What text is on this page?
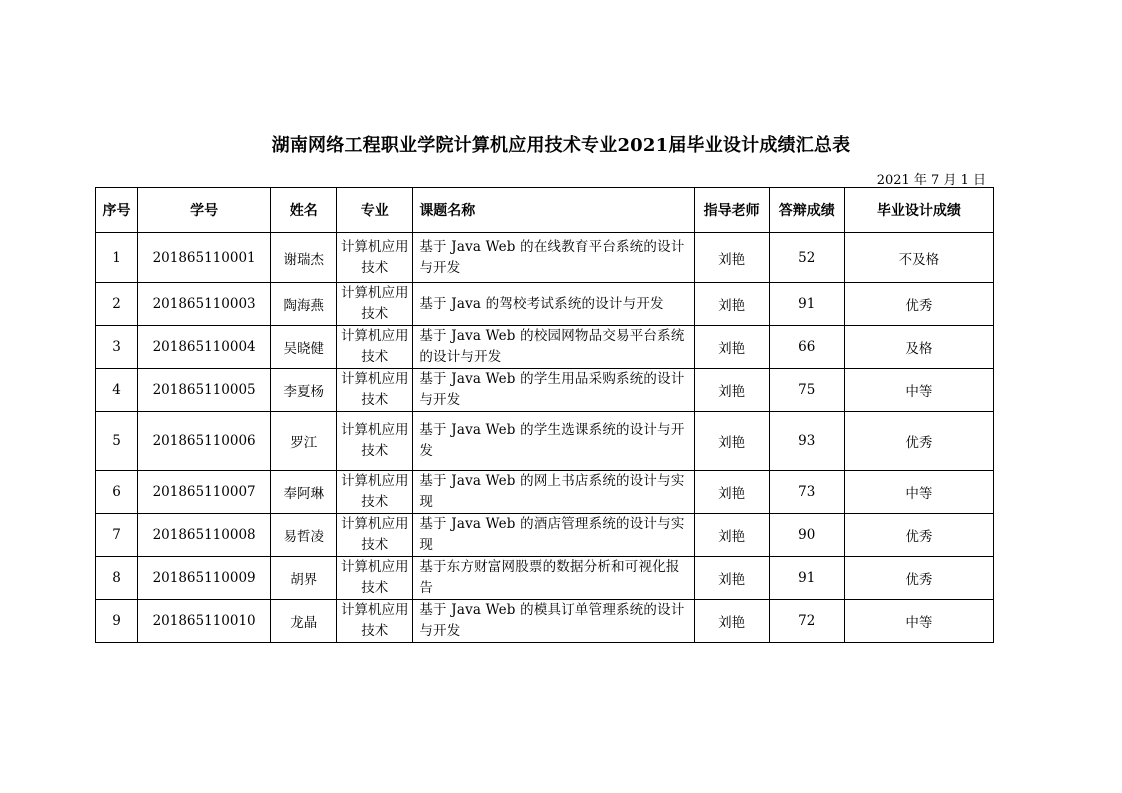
湖南网络工程职业学院计算机应用技术专业2021届毕业设计成绩汇总表
2021 年 7 月 1 日
序号	学号	姓名	专业	课题名称	指导老师	答辩成绩	毕业设计成绩
1	201865110001	谢瑞杰	计算机应用技术	基于 Java Web 的在线教育平台系统的设计与开发	刘艳	52	不及格
2	201865110003	陶海燕	计算机应用技术	基于 Java 的驾校考试系统的设计与开发	刘艳	91	优秀
3	201865110004	吴晓健	计算机应用技术	基于 Java Web 的校园网物品交易平台系统的设计与开发	刘艳	66	及格
4	201865110005	李夏杨	计算机应用技术	基于 Java Web 的学生用品采购系统的设计与开发	刘艳	75	中等
5	201865110006	罗江	计算机应用技术	基于 Java Web 的学生选课系统的设计与开发	刘艳	93	优秀
6	201865110007	奉阿琳	计算机应用技术	基于 Java Web 的网上书店系统的设计与实现	刘艳	73	中等
7	201865110008	易哲凌	计算机应用技术	基于 Java Web 的酒店管理系统的设计与实现	刘艳	90	优秀
8	201865110009	胡界	计算机应用技术	基于东方财富网股票的数据分析和可视化报告	刘艳	91	优秀
9	201865110010	龙晶	计算机应用技术	基于 Java Web 的模具订单管理系统的设计与开发	刘艳	72	中等
